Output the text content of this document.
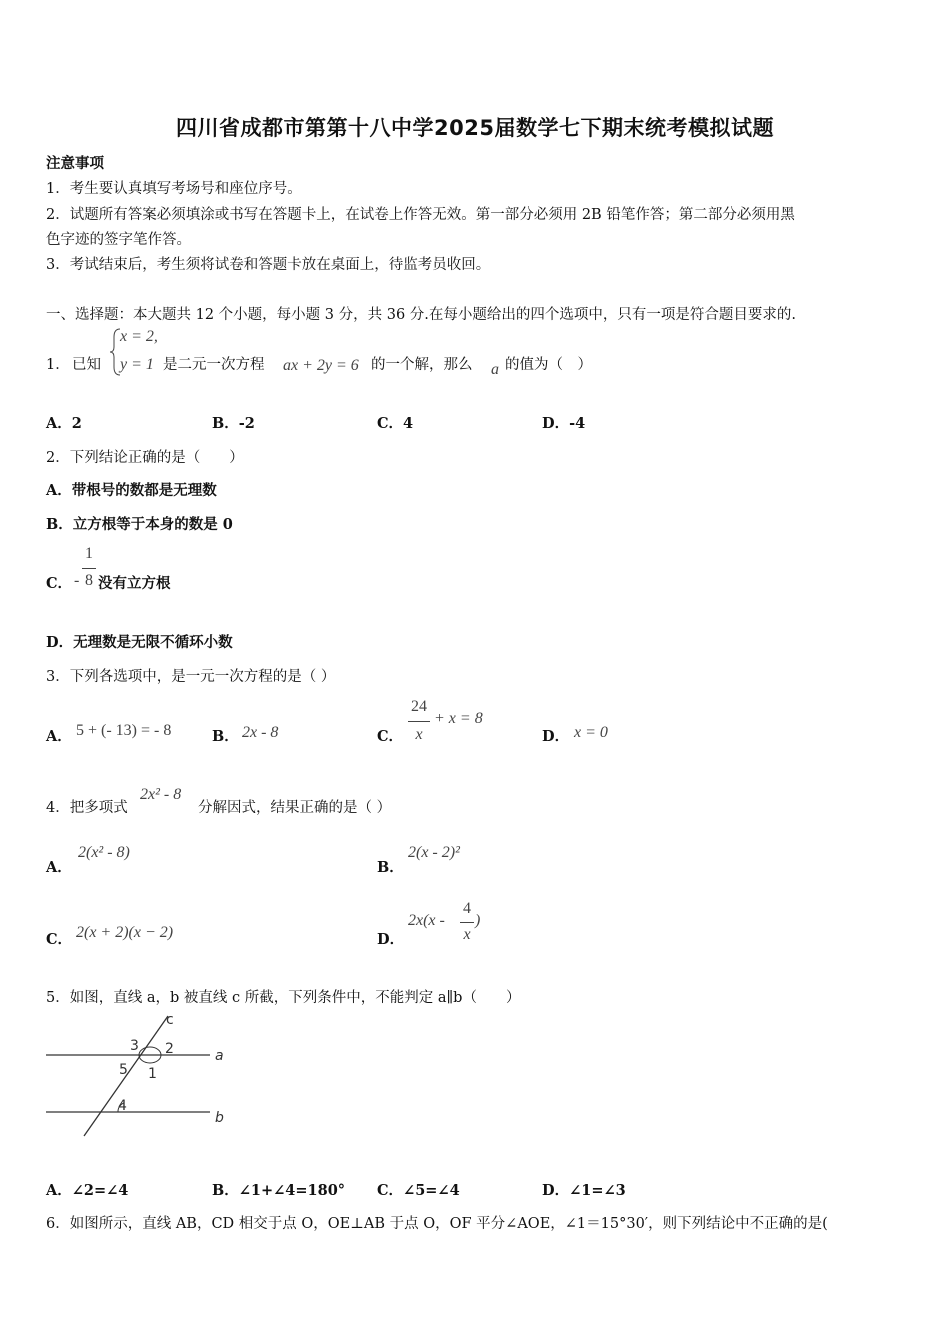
四川省成都市第第十八中学2025届数学七下期末统考模拟试题
注意事项
1．考生要认真填写考场号和座位序号。
2．试题所有答案必须填涂或书写在答题卡上，在试卷上作答无效。第一部分必须用 2B 铅笔作答；第二部分必须用黑
色字迹的签字笔作答。
3．考试结束后，考生须将试卷和答题卡放在桌面上，待监考员收回。
一、选择题：本大题共 12 个小题，每小题 3 分，共 36 分.在每小题给出的四个选项中，只有一项是符合题目要求的.
1． 已知
x = 2,
y = 1 是二元一次方程 ax + 2y = 6 的一个解，那么 a 的值为（　）
A．2	B．-2	C．4	D．-4
2．下列结论正确的是（　　）
A．带根号的数都是无理数
B．立方根等于本身的数是 0
C． -
1
8 没有立方根
D．无理数是无限不循环小数
3．下列各选项中，是一元一次方程的是（ ）
A． 5 + (- 13) = - 8	B． 2x - 8	C．
24
x
+ x = 8
D． x = 0
4．把多项式
2x² - 8
分解因式，结果正确的是（ ）
A．
2(x² - 8)
B．
2(x - 2)²
C． 2(x + 2)(x − 2)	D．
2x(x -
4
x
)
5．如图，直线 a，b 被直线 c 所截，下列条件中，不能判定 a∥b（　　）
c
a
b
3 2
5 1
4
A．∠2=∠4	B．∠1+∠4=180° C．∠5=∠4	D．∠1=∠3
6．如图所示，直线 AB，CD 相交于点 O，OE⊥AB 于点 O，OF 平分∠AOE，∠1＝15°30′，则下列结论中不正确的是(
